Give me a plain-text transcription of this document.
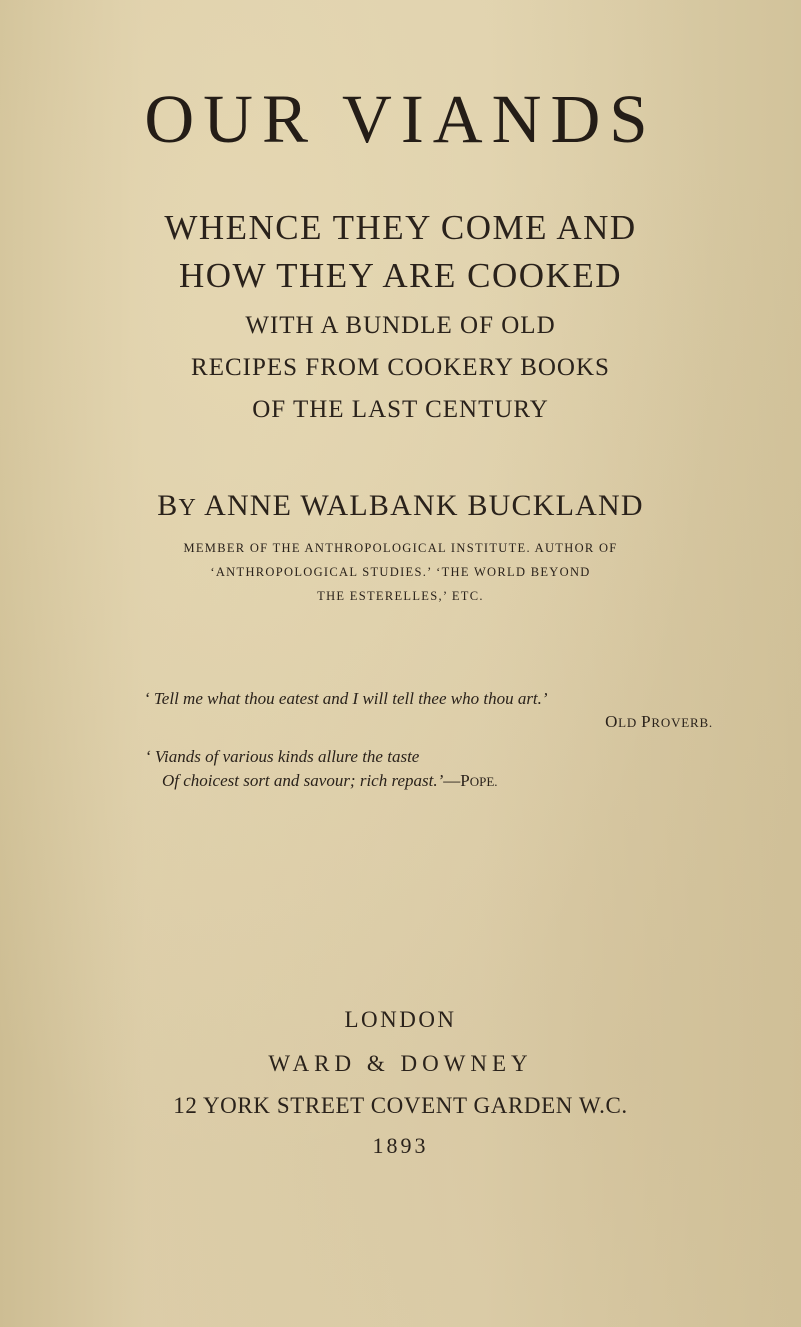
OUR VIANDS
WHENCE THEY COME AND
HOW THEY ARE COOKED
WITH A BUNDLE OF OLD
RECIPES FROM COOKERY BOOKS
OF THE LAST CENTURY
BY ANNE WALBANK BUCKLAND
MEMBER OF THE ANTHROPOLOGICAL INSTITUTE. AUTHOR OF
‘ANTHROPOLOGICAL STUDIES.’ ‘THE WORLD BEYOND
THE ESTERELLES,’ ETC.
‘ Tell me what thou eatest and I will tell thee who thou art.’
OLD PROVERB.
‘ Viands of various kinds allure the taste
Of choicest sort and savour; rich repast.’—POPE.
LONDON
WARD & DOWNEY
12 YORK STREET COVENT GARDEN W.C.
1893
